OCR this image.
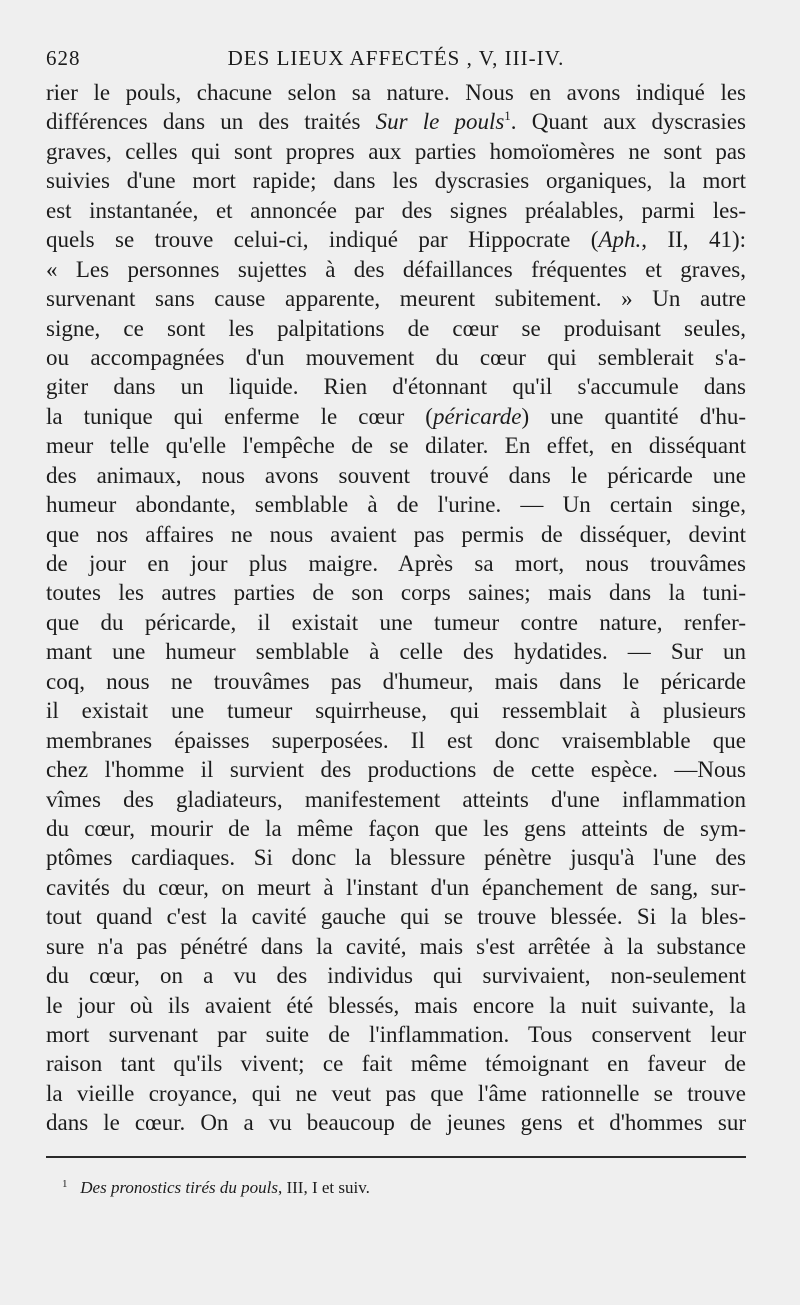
628	DES LIEUX AFFECTÉS , V, III-IV.
rier le pouls, chacune selon sa nature. Nous en avons indiqué les
différences dans un des traités Sur le pouls$^1$. Quant aux dyscrasies
graves, celles qui sont propres aux parties homoïomères ne sont pas
suivies d'une mort rapide; dans les dyscrasies organiques, la mort
est instantanée, et annoncée par des signes préalables, parmi les-
quels se trouve celui-ci, indiqué par Hippocrate (Aph., II, 41):
« Les personnes sujettes à des défaillances fréquentes et graves,
survenant sans cause apparente, meurent subitement. » Un autre
signe, ce sont les palpitations de cœur se produisant seules,
ou accompagnées d'un mouvement du cœur qui semblerait s'a-
giter dans un liquide. Rien d'étonnant qu'il s'accumule dans
la tunique qui enferme le cœur (péricarde) une quantité d'hu-
meur telle qu'elle l'empêche de se dilater. En effet, en disséquant
des animaux, nous avons souvent trouvé dans le péricarde une
humeur abondante, semblable à de l'urine. — Un certain singe,
que nos affaires ne nous avaient pas permis de disséquer, devint
de jour en jour plus maigre. Après sa mort, nous trouvâmes
toutes les autres parties de son corps saines; mais dans la tuni-
que du péricarde, il existait une tumeur contre nature, renfer-
mant une humeur semblable à celle des hydatides. — Sur un
coq, nous ne trouvâmes pas d'humeur, mais dans le péricarde
il existait une tumeur squirrheuse, qui ressemblait à plusieurs
membranes épaisses superposées. Il est donc vraisemblable que
chez l'homme il survient des productions de cette espèce. —Nous
vîmes des gladiateurs, manifestement atteints d'une inflammation
du cœur, mourir de la même façon que les gens atteints de sym-
ptômes cardiaques. Si donc la blessure pénètre jusqu'à l'une des
cavités du cœur, on meurt à l'instant d'un épanchement de sang, sur-
tout quand c'est la cavité gauche qui se trouve blessée. Si la bles-
sure n'a pas pénétré dans la cavité, mais s'est arrêtée à la substance
du cœur, on a vu des individus qui survivaient, non-seulement
le jour où ils avaient été blessés, mais encore la nuit suivante, la
mort survenant par suite de l'inflammation. Tous conservent leur
raison tant qu'ils vivent; ce fait même témoignant en faveur de
la vieille croyance, qui ne veut pas que l'âme rationnelle se trouve
dans le cœur. On a vu beaucoup de jeunes gens et d'hommes sur
$^1$ Des pronostics tirés du pouls, III, I et suiv.
